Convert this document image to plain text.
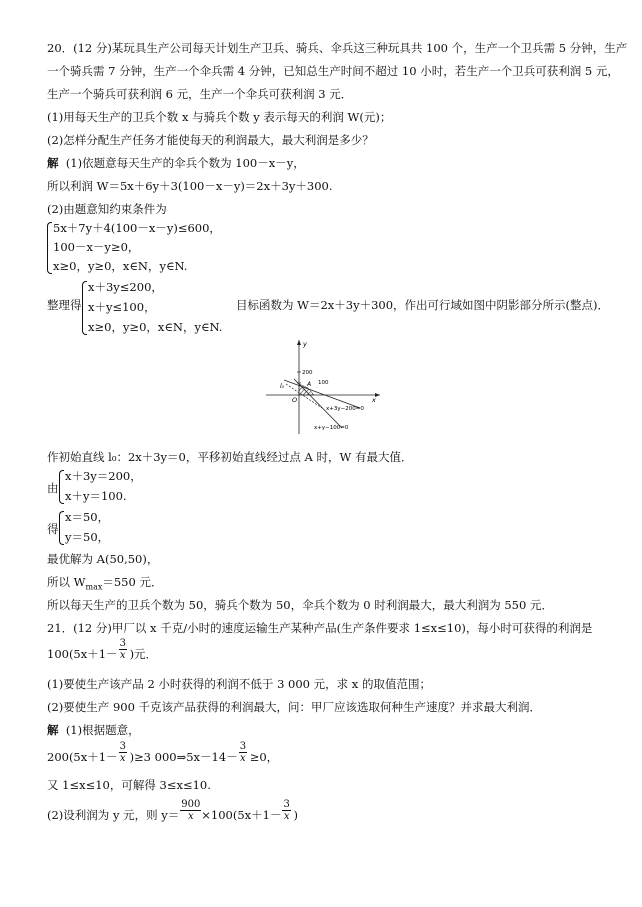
20．(12 分)某玩具生产公司每天计划生产卫兵、骑兵、伞兵这三种玩具共 100 个，生产一个卫兵需 5 分钟，生产
一个骑兵需 7 分钟，生产一个伞兵需 4 分钟，已知总生产时间不超过 10 小时，若生产一个卫兵可获利润 5 元，
生产一个骑兵可获利润 6 元，生产一个伞兵可获利润 3 元．
(1)用每天生产的卫兵个数 x 与骑兵个数 y 表示每天的利润 W(元)；
(2)怎样分配生产任务才能使每天的利润最大，最大利润是多少？
解 (1)依题意每天生产的伞兵个数为 100－x－y，
所以利润 W＝5x＋6y＋3(100－x－y)＝2x＋3y＋300.
(2)由题意知约束条件为
5x＋7y＋4(100－x－y)≤600，
100－x－y≥0，
x≥0，y≥0，x∈N，y∈N.
整理得
x＋3y≤200，
x＋y≤100，
x≥0，y≥0，x∈N，y∈N.
目标函数为 W＝2x＋3y＋300，作出可行域如图中阴影部分所示(整点)．
y
x
O
200
100
A
l₀
x+3y−200=0
x+y−100=0
作初始直线 l₀：2x＋3y＝0，平移初始直线经过点 A 时，W 有最大值．
由
x＋3y＝200，
x＋y＝100.
得
x＝50，
y＝50，
最优解为 A(50,50)，
所以 $W_{max}=550$ 元．
所以每天生产的卫兵个数为 50，骑兵个数为 50，伞兵个数为 0 时利润最大，最大利润为 550 元．
21．(12 分)甲厂以 x 千克/小时的速度运输生产某种产品(生产条件要求 1≤x≤10)，每小时可获得的利润是
100(5x＋1－ )元．
$\frac{3}{x}$
(1)要使生产该产品 2 小时获得的利润不低于 3 000 元，求 x 的取值范围；
(2)要使生产 900 千克该产品获得的利润最大，问：甲厂应该选取何种生产速度？并求最大利润．
解 (1)根据题意，
200(5x＋1－ )≥3 000⇒5x－14－ ≥0，
$\frac{3}{x}$	$\frac{3}{x}$
又 1≤x≤10，可解得 3≤x≤10.
(2)设利润为 y 元，则 y＝ ×100(5x＋1－ )
$\frac{900}{x}$	$\frac{3}{x}$
